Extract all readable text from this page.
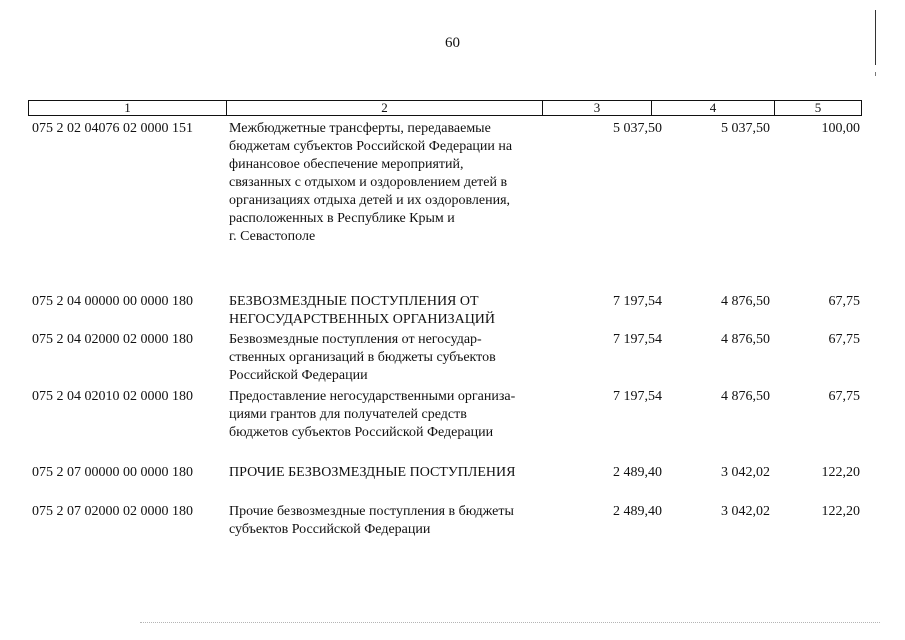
60
1	2	3	4	5
075 2 02 04076 02 0000 151	Межбюджетные трансферты, передаваемые
бюджетам субъектов Российской Федерации на
финансовое обеспечение мероприятий,
связанных с отдыхом и оздоровлением детей в
организациях отдыха детей и их оздоровления,
расположенных в Республике Крым и
г. Севастополе
5 037,50	5 037,50	100,00
075 2 04 00000 00 0000 180	БЕЗВОЗМЕЗДНЫЕ ПОСТУПЛЕНИЯ ОТ
НЕГОСУДАРСТВЕННЫХ ОРГАНИЗАЦИЙ
7 197,54	4 876,50	67,75
075 2 04 02000 02 0000 180	Безвозмездные поступления от негосудар-
ственных организаций в бюджеты субъектов
Российской Федерации
7 197,54	4 876,50	67,75
075 2 04 02010 02 0000 180	Предоставление негосударственными организа-
циями грантов для получателей средств
бюджетов субъектов Российской Федерации
7 197,54	4 876,50	67,75
075 2 07 00000 00 0000 180	ПРОЧИЕ БЕЗВОЗМЕЗДНЫЕ ПОСТУПЛЕНИЯ	2 489,40	3 042,02	122,20
075 2 07 02000 02 0000 180	Прочие безвозмездные поступления в бюджеты
субъектов Российской Федерации
2 489,40	3 042,02	122,20
